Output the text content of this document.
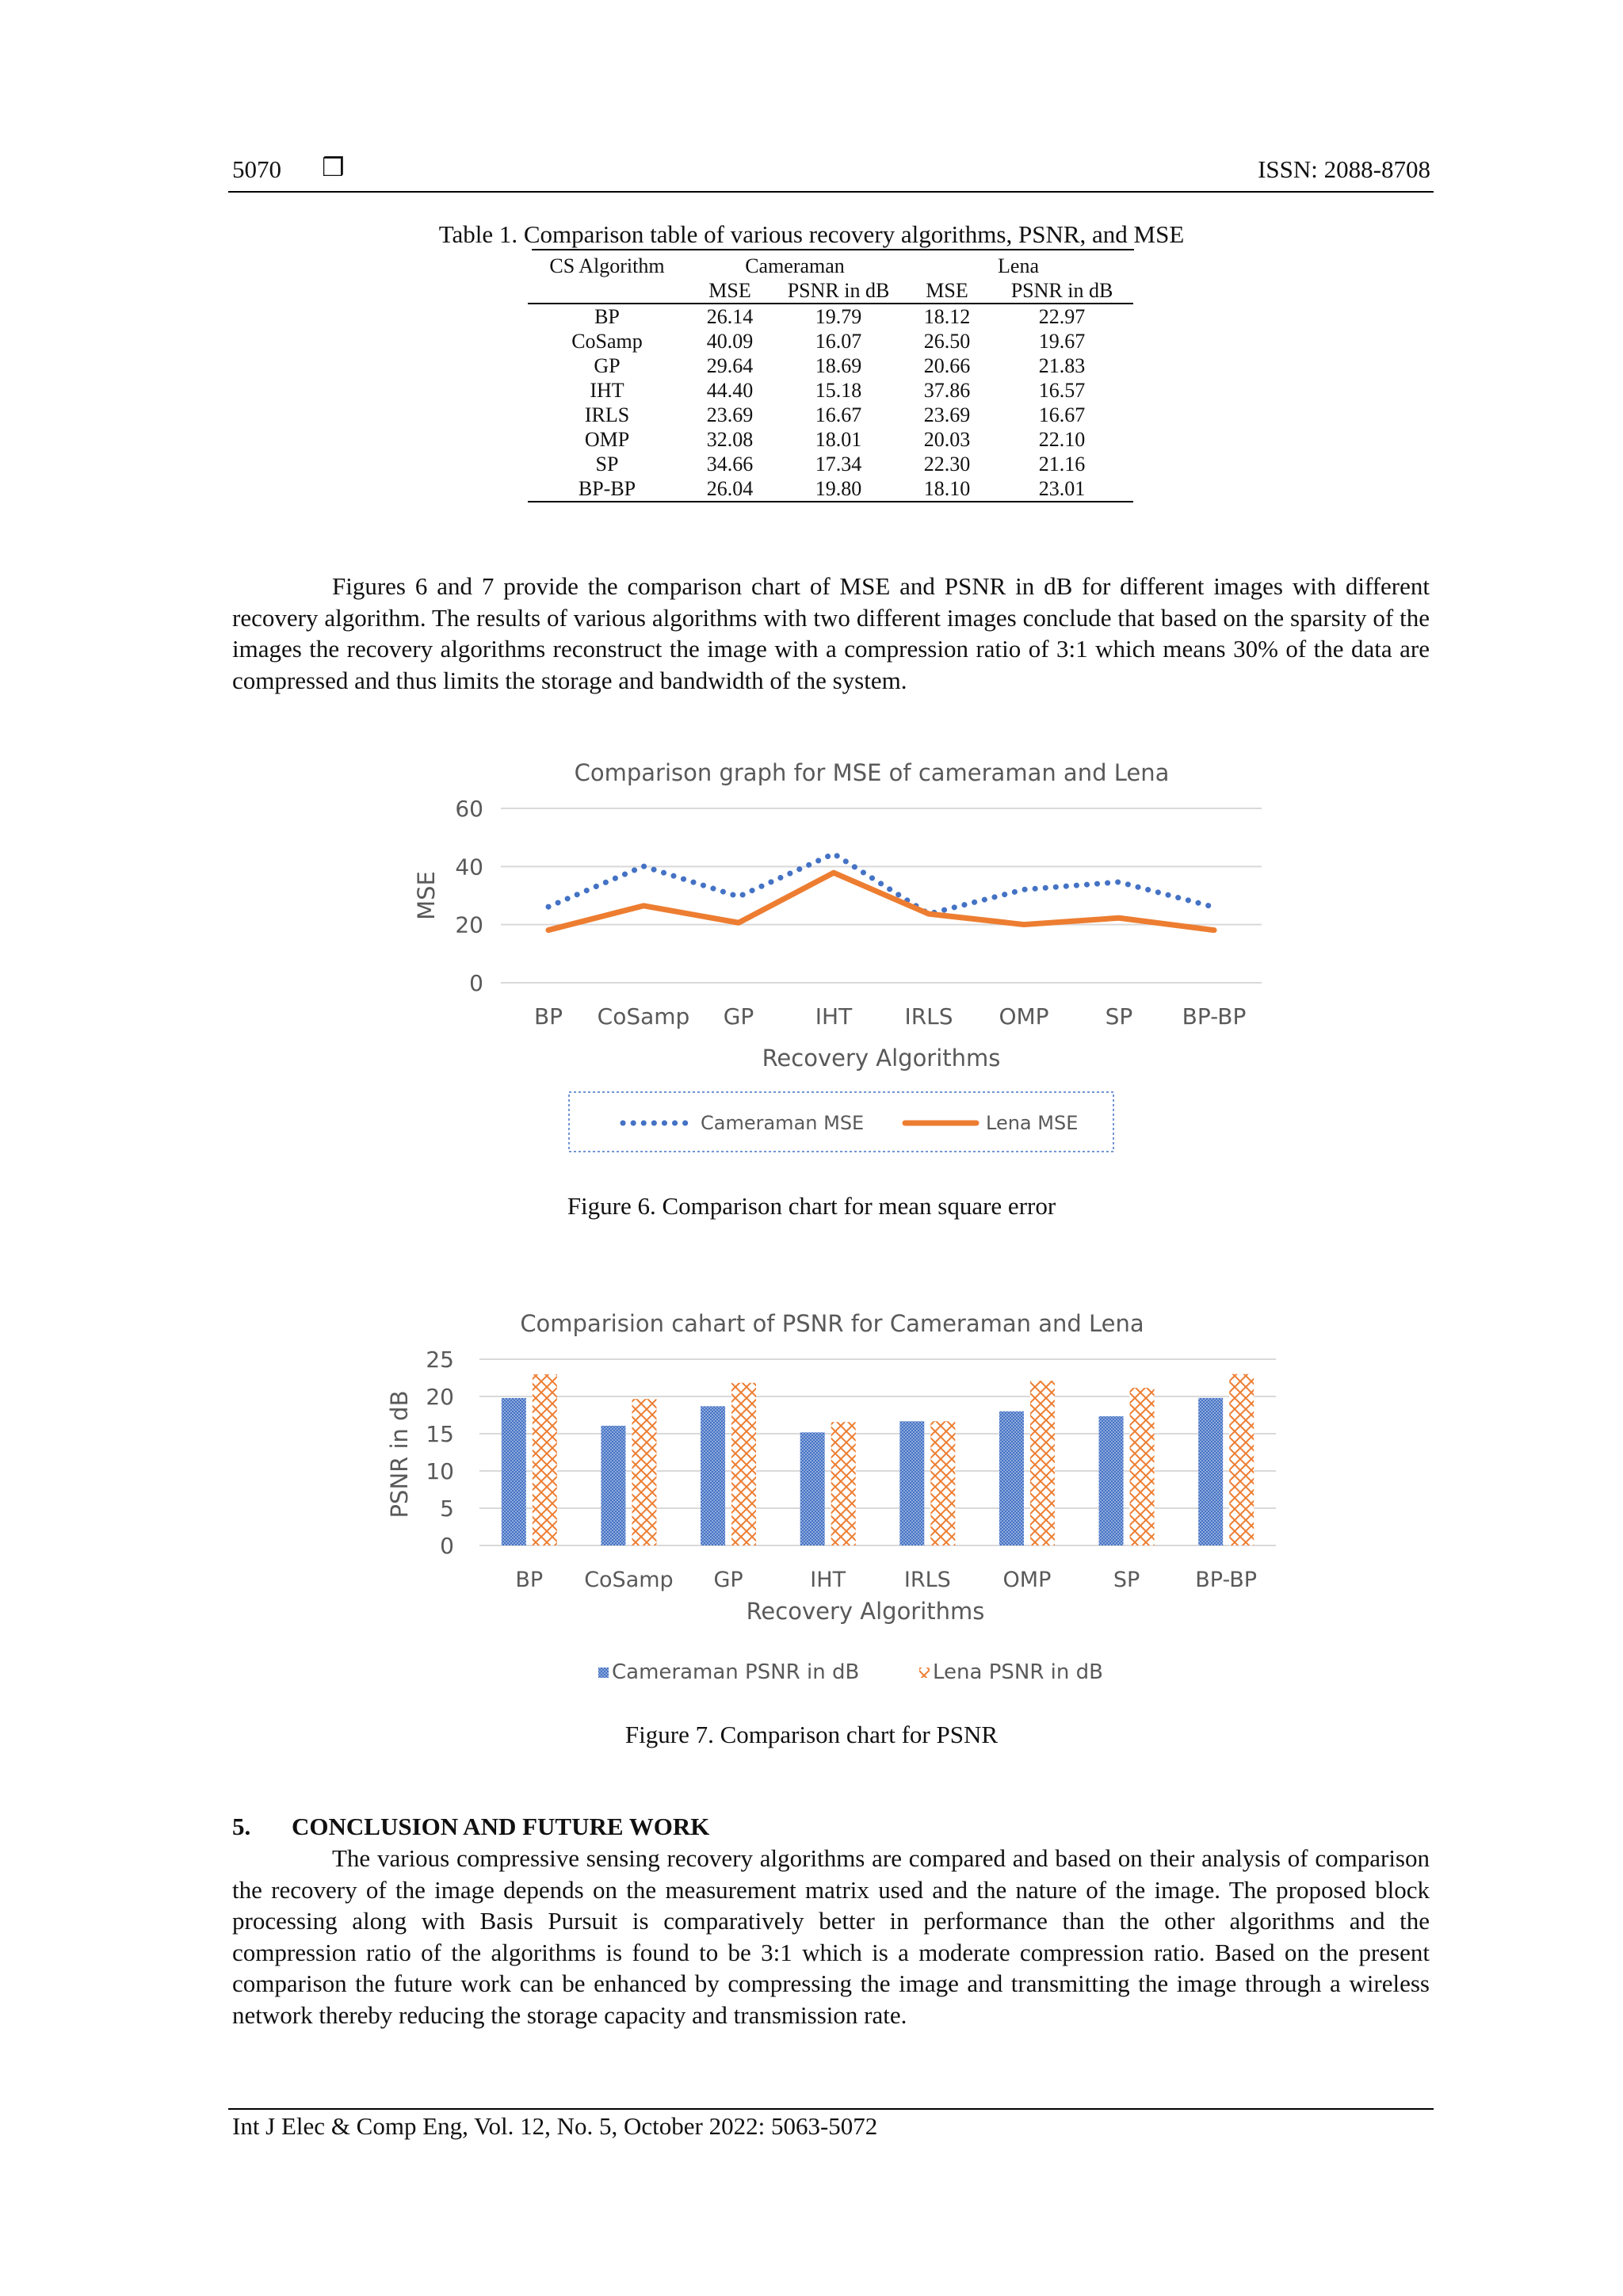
5070 ❒	ISSN: 2088-8708
Table 1. Comparison table of various recovery algorithms, PSNR, and MSE
CS Algorithm	Cameraman		Lena	
	MSE	PSNR in dB	MSE	PSNR in dB
BP	26.14	19.79	18.12	22.97
CoSamp	40.09	16.07	26.50	19.67
GP	29.64	18.69	20.66	21.83
IHT	44.40	15.18	37.86	16.57
IRLS	23.69	16.67	23.69	16.67
OMP	32.08	18.01	20.03	22.10
SP	34.66	17.34	22.30	21.16
BP-BP	26.04	19.80	18.10	23.01

Figures 6 and 7 provide the comparison chart of MSE and PSNR in dB for different images with different recovery algorithm. The results of various algorithms with two different images conclude that based on the sparsity of the images the recovery algorithms reconstruct the image with a compression ratio of 3:1 which means 30% of the data are compressed and thus limits the storage and bandwidth of the system.

Comparison graph for MSE of cameraman and Lena
0
20
40
60
BP CoSamp GP	IHT IRLS OMP	SP BP-BP
Recovery Algorithms
MSE
Cameraman MSE	Lena MSE
Figure 6. Comparison chart for mean square error
Comparision cahart of PSNR for Cameraman and Lena
0
5
10
15
20
25
BP CoSamp GP	IHT	IRLS OMP	SP	BP-BP
Recovery Algorithms
PSNR in dB
Cameraman PSNR in dB	Lena PSNR in dB
Figure 7. Comparison chart for PSNR
5. CONCLUSION AND FUTURE WORK

The various compressive sensing recovery algorithms are compared and based on their analysis of comparison the recovery of the image depends on the measurement matrix used and the nature of the image. The proposed block processing along with Basis Pursuit is comparatively better in performance than the other algorithms and the compression ratio of the algorithms is found to be 3:1 which is a moderate compression ratio. Based on the present comparison the future work can be enhanced by compressing the image and transmitting the image through a wireless network thereby reducing the storage capacity and transmission rate.

Int J Elec & Comp Eng, Vol. 12, No. 5, October 2022: 5063-5072
